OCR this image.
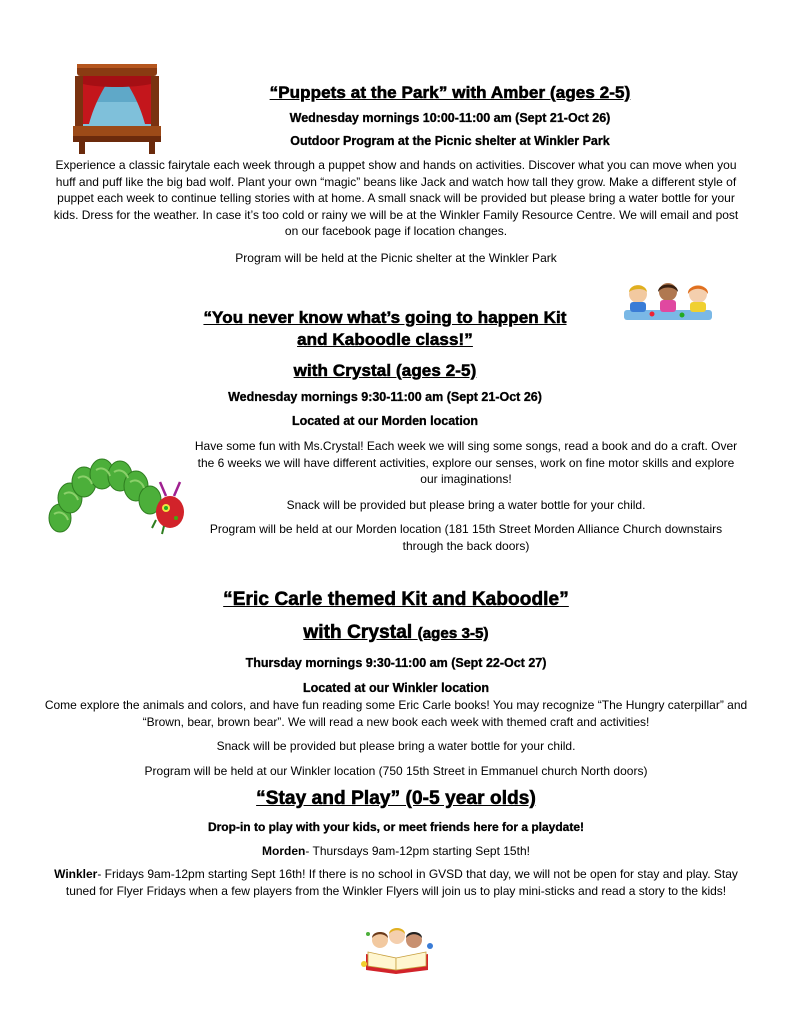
“Puppets at the Park” with Amber (ages 2-5)
Wednesday mornings 10:00-11:00 am (Sept 21-Oct 26)
Outdoor Program at the Picnic shelter at Winkler Park
Experience a classic fairytale each week through a puppet show and hands on activities. Discover what you can move when you huff and puff like the big bad wolf. Plant your own “magic” beans like Jack and watch how tall they grow. Make a different style of puppet each week to continue telling stories with at home. A small snack will be provided but please bring a water bottle for your kids. Dress for the weather. In case it’s too cold or rainy we will be at the Winkler Family Resource Centre. We will email and post on our facebook page if location changes.
Program will be held at the Picnic shelter at the Winkler Park
“You never know what’s going to happen Kit
and Kaboodle class!”
with Crystal (ages 2-5)
Wednesday mornings 9:30-11:00 am (Sept 21-Oct 26)
Located at our Morden location
Have some fun with Ms.Crystal! Each week we will sing some songs, read a book and do a craft. Over the 6 weeks we will have different activities, explore our senses, work on fine motor skills and explore our imaginations!
Snack will be provided but please bring a water bottle for your child.
Program will be held at our Morden location (181 15th Street Morden Alliance Church downstairs through the back doors)
“Eric Carle themed Kit and Kaboodle”
with Crystal (ages 3-5)
Thursday mornings 9:30-11:00 am (Sept 22-Oct 27)
Located at our Winkler location
Come explore the animals and colors, and have fun reading some Eric Carle books! You may recognize “The Hungry caterpillar” and “Brown, bear, brown bear”. We will read a new book each week with themed craft and activities!
Snack will be provided but please bring a water bottle for your child.
Program will be held at our Winkler location (750 15th Street in Emmanuel church North doors)
“Stay and Play” (0-5 year olds)
Drop-in to play with your kids, or meet friends here for a playdate!
Morden- Thursdays 9am-12pm starting Sept 15th!
Winkler- Fridays 9am-12pm starting Sept 16th! If there is no school in GVSD that day, we will not be open for stay and play. Stay tuned for Flyer Fridays when a few players from the Winkler Flyers will join us to play mini-sticks and read a story to the kids!
